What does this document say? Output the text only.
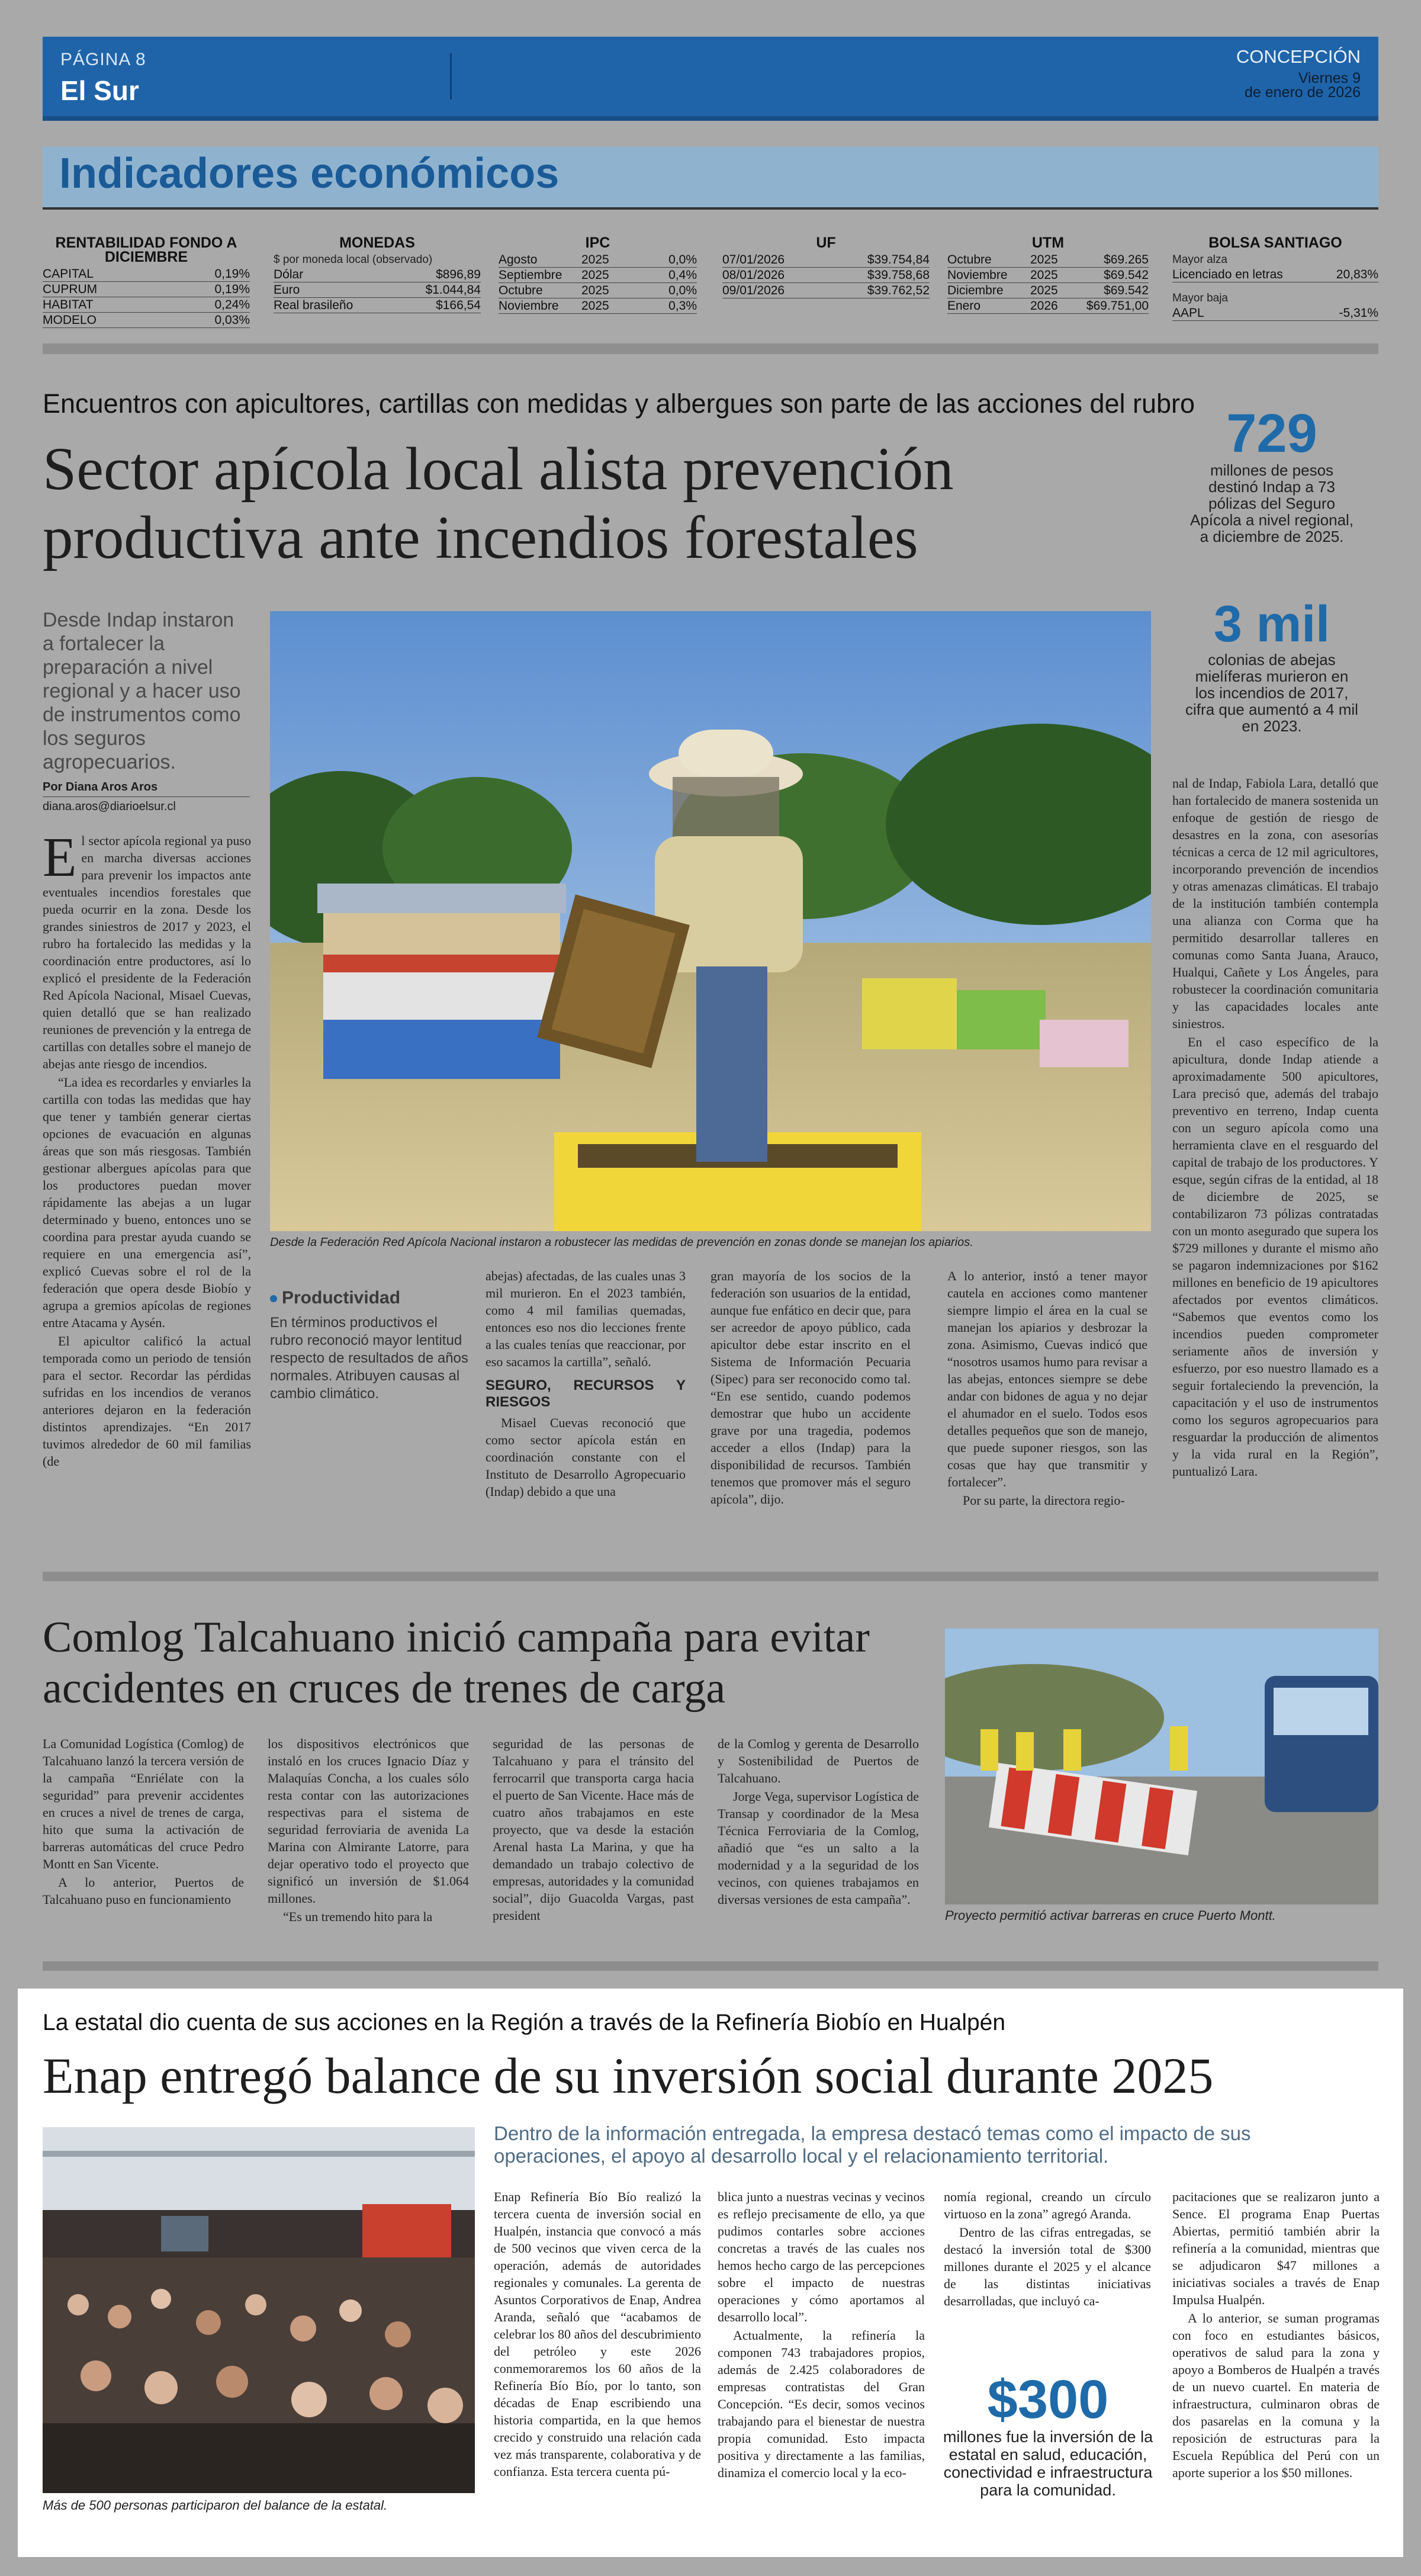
PÁGINA 8
El Sur
CONCEPCIÓN
Viernes 9
de enero de 2026
Indicadores económicos
RENTABILIDAD FONDO A DICIEMBRE
CAPITAL	0,19%
CUPRUM	0,19%
HABITAT	0,24%
MODELO	0,03%
MONEDAS
$ por moneda local (observado)
Dólar	$896,89
Euro	$1.044,84
Real brasileño	$166,54
IPC
Agosto	2025	0,0%
Septiembre	2025	0,4%
Octubre	2025	0,0%
Noviembre	2025	0,3%
UF
07/01/2026	$39.754,84
08/01/2026	$39.758,68
09/01/2026	$39.762,52
UTM
Octubre	2025	$69.265
Noviembre	2025	$69.542
Diciembre	2025	$69.542
Enero	2026	$69.751,00
BOLSA SANTIAGO
Mayor alza
Licenciado en letras	20,83%
Mayor baja
AAPL	-5,31%
Encuentros con apicultores, cartillas con medidas y albergues son parte de las acciones del rubro
Sector apícola local alista prevención productiva ante incendios forestales
729
millones de pesos destinó Indap a 73 pólizas del Seguro Apícola a nivel regional, a diciembre de 2025.
3 mil
colonias de abejas mielíferas murieron en los incendios de 2017, cifra que aumentó a 4 mil en 2023.
Desde Indap instaron a fortalecer la preparación a nivel regional y a hacer uso de instrumentos como los seguros agropecuarios.
Por Diana Aros Aros
diana.aros@diarioelsur.cl
Desde la Federación Red Apícola Nacional instaron a robustecer las medidas de prevención en zonas donde se manejan los apiarios.

El sector apícola regional ya puso en marcha diversas acciones para prevenir los impactos ante eventuales incendios forestales que pueda ocurrir en la zona. Desde los grandes siniestros de 2017 y 2023, el rubro ha fortalecido las medidas y la coordinación entre productores, así lo explicó el presidente de la Federación Red Apícola Nacional, Misael Cuevas, quien detalló que se han realizado reuniones de prevención y la entrega de cartillas con detalles sobre el manejo de abejas ante riesgo de incendios.

“La idea es recordarles y enviarles la cartilla con todas las medidas que hay que tener y también generar ciertas opciones de evacuación en algunas áreas que son más riesgosas. También gestionar albergues apícolas para que los productores puedan mover rápidamente las abejas a un lugar determinado y bueno, entonces uno se coordina para prestar ayuda cuando se requiere en una emergencia así”, explicó Cuevas sobre el rol de la federación que opera desde Biobío y agrupa a gremios apícolas de regiones entre Atacama y Aysén.

El apicultor calificó la actual temporada como un periodo de tensión para el sector. Recordar las pérdidas sufridas en los incendios de veranos anteriores dejaron en la federación distintos aprendizajes. “En 2017 tuvimos alrededor de 60 mil familias (de

Productividad
En términos productivos el rubro reconoció mayor lentitud respecto de resultados de años normales. Atribuyen causas al cambio climático.

abejas) afectadas, de las cuales unas 3 mil murieron. En el 2023 también, como 4 mil familias quemadas, entonces eso nos dio lecciones frente a las cuales tenías que reaccionar, por eso sacamos la cartilla”, señaló.

SEGURO, RECURSOS Y RIESGOS

Misael Cuevas reconoció que como sector apícola están en coordinación constante con el Instituto de Desarrollo Agropecuario (Indap) debido a que una

gran mayoría de los socios de la federación son usuarios de la entidad, aunque fue enfático en decir que, para ser acreedor de apoyo público, cada apicultor debe estar inscrito en el Sistema de Información Pecuaria (Sipec) para ser reconocido como tal. “En ese sentido, cuando podemos demostrar que hubo un accidente grave por una tragedia, podemos acceder a ellos (Indap) para la disponibilidad de recursos. También tenemos que promover más el seguro apícola”, dijo.

A lo anterior, instó a tener mayor cautela en acciones como mantener siempre limpio el área en la cual se manejan los apiarios y desbrozar la zona. Asimismo, Cuevas indicó que “nosotros usamos humo para revisar a las abejas, entonces siempre se debe andar con bidones de agua y no dejar el ahumador en el suelo. Todos esos detalles pequeños que son de manejo, que puede suponer riesgos, son las cosas que hay que transmitir y fortalecer”.

Por su parte, la directora regio-

nal de Indap, Fabiola Lara, detalló que han fortalecido de manera sostenida un enfoque de gestión de riesgo de desastres en la zona, con asesorías técnicas a cerca de 12 mil agricultores, incorporando prevención de incendios y otras amenazas climáticas. El trabajo de la institución también contempla una alianza con Corma que ha permitido desarrollar talleres en comunas como Santa Juana, Arauco, Hualqui, Cañete y Los Ángeles, para robustecer la coordinación comunitaria y las capacidades locales ante siniestros.

En el caso específico de la apicultura, donde Indap atiende a aproximadamente 500 apicultores, Lara precisó que, además del trabajo preventivo en terreno, Indap cuenta con un seguro apícola como una herramienta clave en el resguardo del capital de trabajo de los productores. Y esque, según cifras de la entidad, al 18 de diciembre de 2025, se contabilizaron 73 pólizas contratadas con un monto asegurado que supera los $729 millones y durante el mismo año se pagaron indemnizaciones por $162 millones en beneficio de 19 apicultores afectados por eventos climáticos. “Sabemos que eventos como los incendios pueden comprometer seriamente años de inversión y esfuerzo, por eso nuestro llamado es a seguir fortaleciendo la prevención, la capacitación y el uso de instrumentos como los seguros agropecuarios para resguardar la producción de alimentos y la vida rural en la Región”, puntualizó Lara.

Comlog Talcahuano inició campaña para evitar accidentes en cruces de trenes de carga
Proyecto permitió activar barreras en cruce Puerto Montt.

La Comunidad Logística (Comlog) de Talcahuano lanzó la tercera versión de la campaña “Enriélate con la seguridad” para prevenir accidentes en cruces a nivel de trenes de carga, hito que suma la activación de barreras automáticas del cruce Pedro Montt en San Vicente.

A lo anterior, Puertos de Talcahuano puso en funcionamiento

los dispositivos electrónicos que instaló en los cruces Ignacio Díaz y Malaquías Concha, a los cuales sólo resta contar con las autorizaciones respectivas para el sistema de seguridad ferroviaria de avenida La Marina con Almirante Latorre, para dejar operativo todo el proyecto que significó un inversión de $1.064 millones.

“Es un tremendo hito para la

seguridad de las personas de Talcahuano y para el tránsito del ferrocarril que transporta carga hacia el puerto de San Vicente. Hace más de cuatro años trabajamos en este proyecto, que va desde la estación Arenal hasta La Marina, y que ha demandado un trabajo colectivo de empresas, autoridades y la comunidad social”, dijo Guacolda Vargas, past president

de la Comlog y gerenta de Desarrollo y Sostenibilidad de Puertos de Talcahuano.

Jorge Vega, supervisor Logística de Transap y coordinador de la Mesa Técnica Ferroviaria de la Comlog, añadió que “es un salto a la modernidad y a la seguridad de los vecinos, con quienes trabajamos en diversas versiones de esta campaña”.

La estatal dio cuenta de sus acciones en la Región a través de la Refinería Biobío en Hualpén
Enap entregó balance de su inversión social durante 2025
Más de 500 personas participaron del balance de la estatal.
Dentro de la información entregada, la empresa destacó temas como el impacto de sus operaciones, el apoyo al desarrollo local y el relacionamiento territorial.

Enap Refinería Bío Bío realizó la tercera cuenta de inversión social en Hualpén, instancia que convocó a más de 500 vecinos que viven cerca de la operación, además de autoridades regionales y comunales. La gerenta de Asuntos Corporativos de Enap, Andrea Aranda, señaló que “acabamos de celebrar los 80 años del descubrimiento del petróleo y este 2026 conmemoraremos los 60 años de la Refinería Bío Bío, por lo tanto, son décadas de Enap escribiendo una historia compartida, en la que hemos crecido y construido una relación cada vez más transparente, colaborativa y de confianza. Esta tercera cuenta pú-

blica junto a nuestras vecinas y vecinos es reflejo precisamente de ello, ya que pudimos contarles sobre acciones concretas a través de las cuales nos hemos hecho cargo de las percepciones sobre el impacto de nuestras operaciones y cómo aportamos al desarrollo local”.

Actualmente, la refinería la componen 743 trabajadores propios, además de 2.425 colaboradores de empresas contratistas del Gran Concepción. “Es decir, somos vecinos trabajando para el bienestar de nuestra propia comunidad. Esto impacta positiva y directamente a las familias, dinamiza el comercio local y la eco-

nomía regional, creando un círculo virtuoso en la zona” agregó Aranda.

Dentro de las cifras entregadas, se destacó la inversión total de $300 millones durante el 2025 y el alcance de las distintas iniciativas desarrolladas, que incluyó ca-

$300
millones fue la inversión de la estatal en salud, educación, conectividad e infraestructura para la comunidad.

pacitaciones que se realizaron junto a Sence. El programa Enap Puertas Abiertas, permitió también abrir la refinería a la comunidad, mientras que se adjudicaron $47 millones a iniciativas sociales a través de Enap Impulsa Hualpén.

A lo anterior, se suman programas con foco en estudiantes básicos, operativos de salud para la zona y apoyo a Bomberos de Hualpén a través de un nuevo cuartel. En materia de infraestructura, culminaron obras de dos pasarelas en la comuna y la reposición de estructuras para la Escuela República del Perú con un aporte superior a los $50 millones.
